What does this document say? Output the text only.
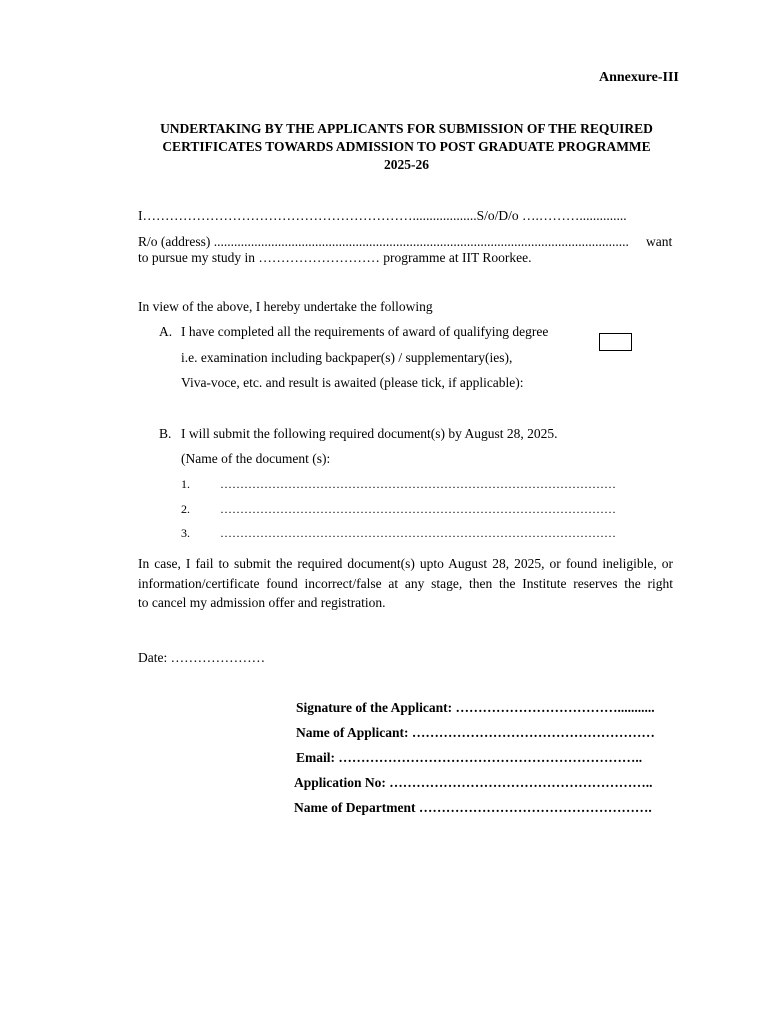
Annexure-III
UNDERTAKING BY THE APPLICANTS FOR SUBMISSION OF THE REQUIRED
CERTIFICATES TOWARDS ADMISSION TO POST GRADUATE PROGRAMME
2025-26
I……………………………………………………...................S/o/D/o ….………..............
R/o (address) ...........................................................................................................................	want
to pursue my study in ……………………… programme at IIT Roorkee.
In view of the above, I hereby undertake the following
A. I have completed all the requirements of award of qualifying degree
i.e. examination including backpaper(s) / supplementary(ies),
Viva-voce, etc. and result is awaited (please tick, if applicable):
B. I will submit the following required document(s) by August 28, 2025.
(Name of the document (s):
1.	………………………………………………………………………………………
2.	………………………………………………………………………………………
3.	………………………………………………………………………………………
In case, I fail to submit the required document(s) upto August 28, 2025, or found ineligible, or
information/certificate found incorrect/false at any stage, then the Institute reserves the right
to cancel my admission offer and registration.
Date: …………………
Signature of the Applicant: ………………………………...........
Name of Applicant: ………………………………………………
Email: …………………………………………………………..
Application No: …………………………………………………..
Name of Department …………………………………………….
